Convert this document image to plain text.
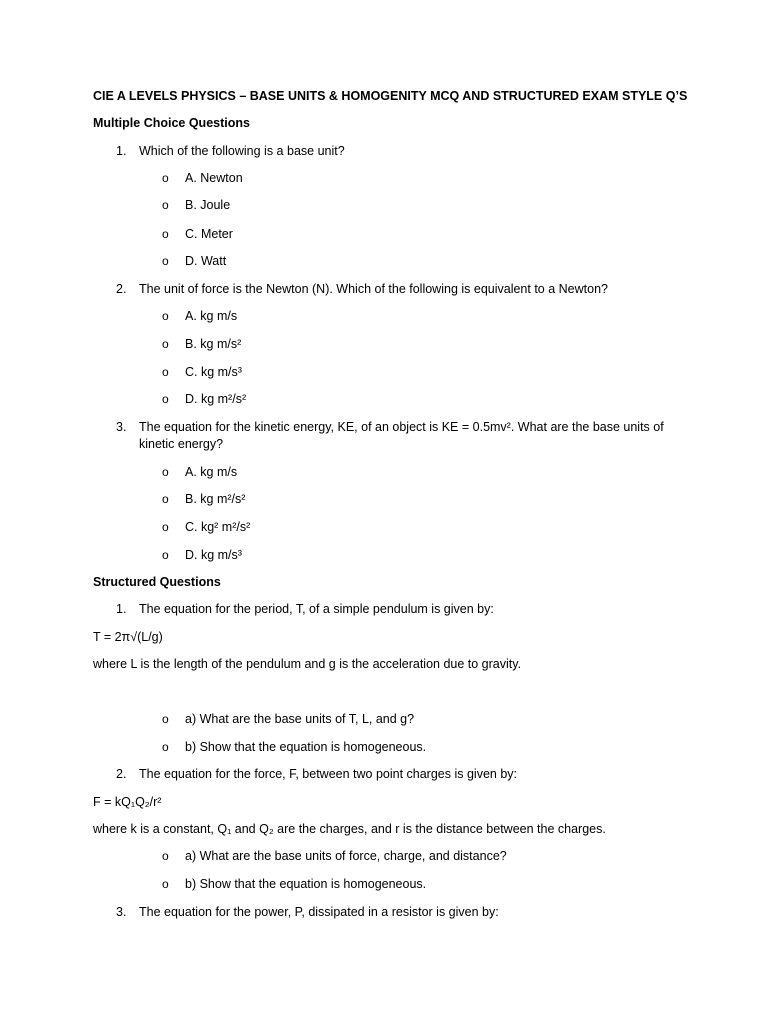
CIE A LEVELS PHYSICS – BASE UNITS & HOMOGENITY MCQ AND STRUCTURED EXAM STYLE Q’S
Multiple Choice Questions
1. Which of the following is a base unit?
o A. Newton
o B. Joule
o C. Meter
o D. Watt
2. The unit of force is the Newton (N). Which of the following is equivalent to a Newton?
o A. kg m/s
o B. kg m/s²
o C. kg m/s³
o D. kg m²/s²
3. The equation for the kinetic energy, KE, of an object is KE = 0.5mv². What are the base units of kinetic energy?
o A. kg m/s
o B. kg m²/s²
o C. kg² m²/s²
o D. kg m/s³
Structured Questions
1. The equation for the period, T, of a simple pendulum is given by:
T = 2π√(L/g)
where L is the length of the pendulum and g is the acceleration due to gravity.
o a) What are the base units of T, L, and g?
o b) Show that the equation is homogeneous.
2. The equation for the force, F, between two point charges is given by:
F = kQ₁Q₂/r²
where k is a constant, Q₁ and Q₂ are the charges, and r is the distance between the charges.
o a) What are the base units of force, charge, and distance?
o b) Show that the equation is homogeneous.
3. The equation for the power, P, dissipated in a resistor is given by:
